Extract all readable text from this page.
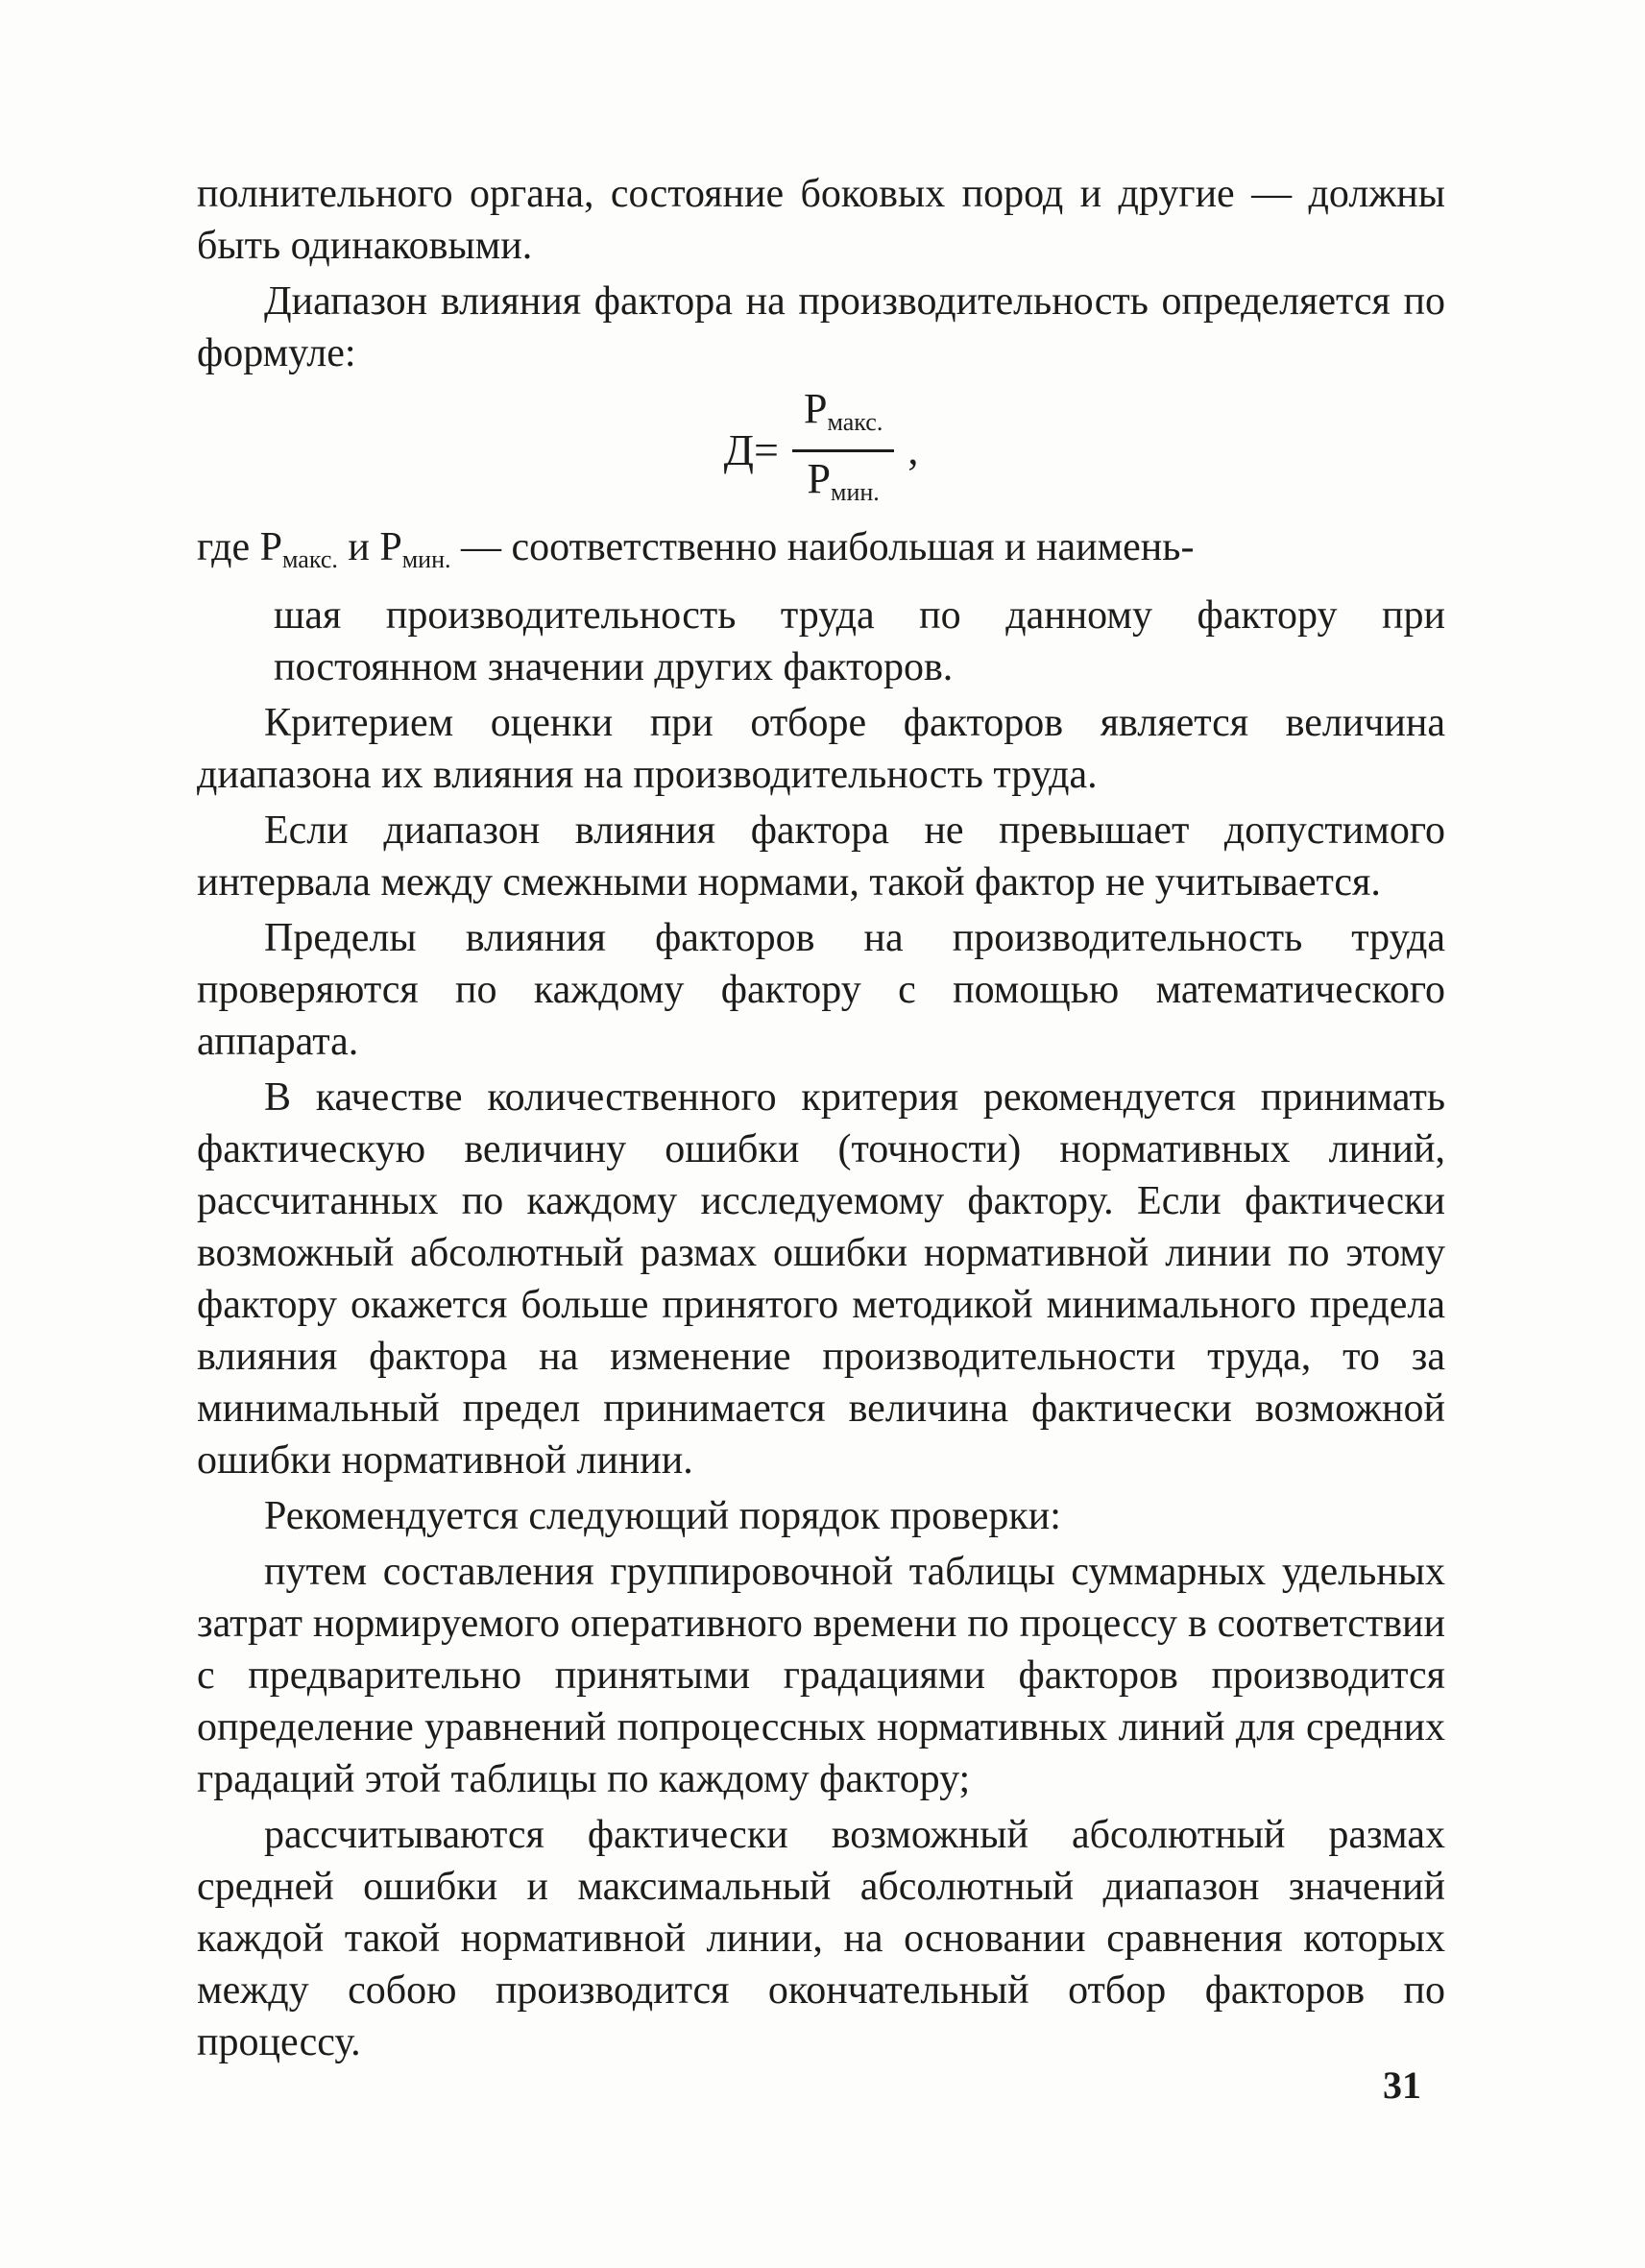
полнительного органа, состояние боковых пород и другие — должны быть одинаковыми.

Диапазон влияния фактора на производительность определяется по формуле:

$Д= \frac{P_{макс.}}{P_{мин.}}$ ,

где $P_{макс.}$ и $P_{мин.}$ — соответственно наибольшая и наимень-

шая производительность труда по данному фактору при постоянном значении других факторов.

Критерием оценки при отборе факторов является величина диапазона их влияния на производительность труда.

Если диапазон влияния фактора не превышает допустимого интервала между смежными нормами, такой фактор не учитывается.

Пределы влияния факторов на производительность труда проверяются по каждому фактору с помощью математического аппарата.

В качестве количественного критерия рекомендуется принимать фактическую величину ошибки (точности) нормативных линий, рассчитанных по каждому исследуемому фактору. Если фактически возможный абсолютный размах ошибки нормативной линии по этому фактору окажется больше принятого методикой минимального предела влияния фактора на изменение производительности труда, то за минимальный предел принимается величина фактически возможной ошибки нормативной линии.

Рекомендуется следующий порядок проверки:

путем составления группировочной таблицы суммарных удельных затрат нормируемого оперативного времени по процессу в соответствии с предварительно принятыми градациями факторов производится определение уравнений попроцессных нормативных линий для средних градаций этой таблицы по каждому фактору;

рассчитываются фактически возможный абсолютный размах средней ошибки и максимальный абсолютный диапазон значений каждой такой нормативной линии, на основании сравнения которых между собою производится окончательный отбор факторов по процессу.

31
